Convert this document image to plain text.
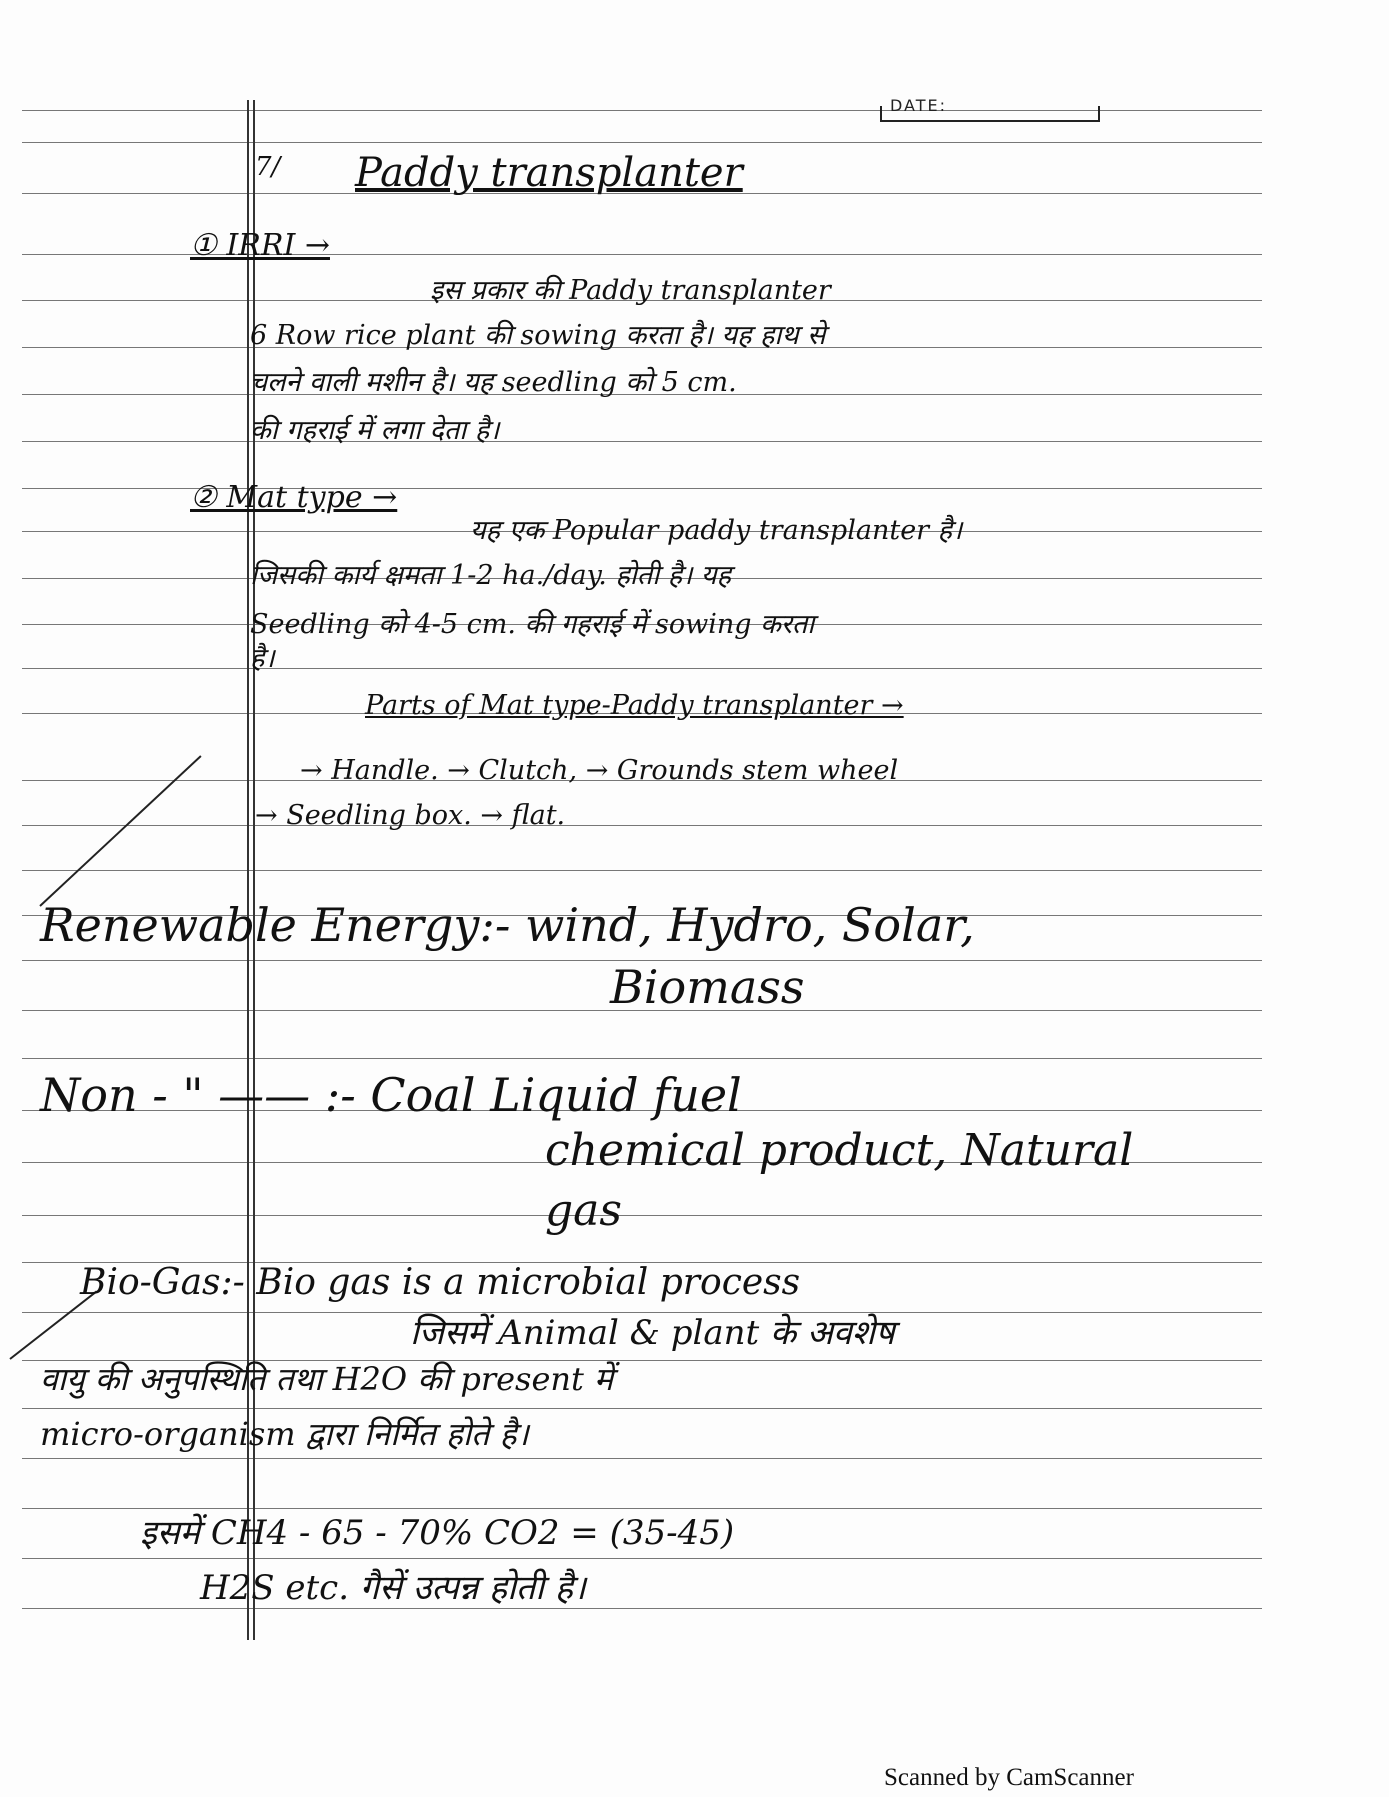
DATE:
7/ Paddy transplanter
① IRRI →
इस प्रकार की Paddy transplanter
6 Row rice plant की sowing करता है। यह हाथ से
चलने वाली मशीन है। यह seedling को 5 cm.
की गहराई में लगा देता है।
② Mat type →
यह एक Popular paddy transplanter है।
जिसकी कार्य क्षमता 1-2 ha./day. होती है। यह
Seedling को 4-5 cm. की गहराई में sowing करता
है।
Parts of Mat type-Paddy transplanter →
→ Handle. → Clutch, → Grounds stem wheel
→ Seedling box. → flat.
Renewable Energy:- wind, Hydro, Solar,
Biomass
Non - " —— :- Coal Liquid fuel
chemical product, Natural
gas
Bio-Gas:- Bio gas is a microbial process
जिसमें Animal & plant के अवशेष
वायु की अनुपस्थिति तथा H2O की present में
micro-organism द्वारा निर्मित होते है।
इसमें CH4 - 65 - 70% CO2 = (35-45)
H2S etc. गैसें उत्पन्न होती है।
Scanned by CamScanner
